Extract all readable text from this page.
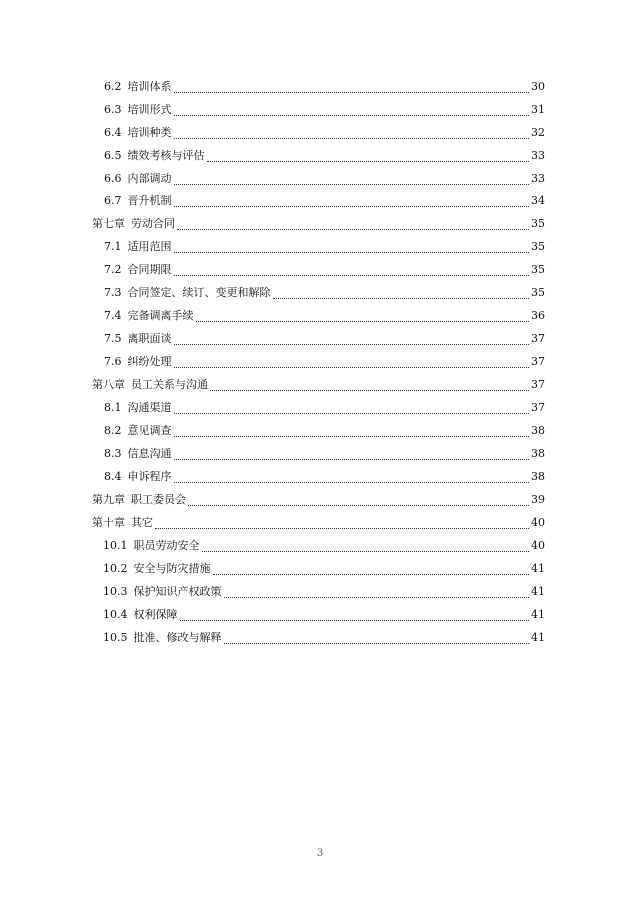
6.2 培训体系	30
6.3 培训形式	31
6.4 培训种类	32
6.5 绩效考核与评估	33
6.6 内部调动	33
6.7 晋升机制	34
第七章 劳动合同	35
7.1 适用范围	35
7.2 合同期限	35
7.3 合同签定、续订、变更和解除	35
7.4 完备调离手续	36
7.5 离职面谈	37
7.6 纠纷处理	37
第八章 员工关系与沟通	37
8.1 沟通渠道	37
8.2 意见调查	38
8.3 信息沟通	38
8.4 申诉程序	38
第九章 职工委员会	39
第十章 其它	40
10.1 职员劳动安全	40
10.2 安全与防灾措施	41
10.3 保护知识产权政策	41
10.4 权利保障	41
10.5 批准、修改与解释	41
3
